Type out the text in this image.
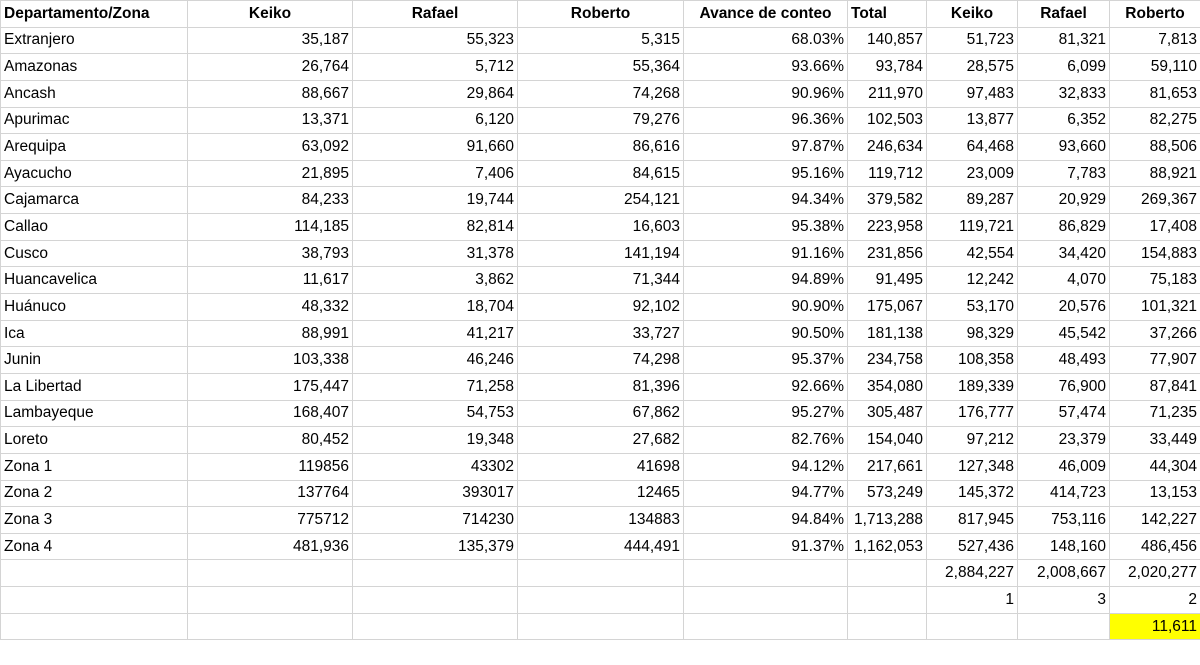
Departamento/Zona	Keiko	Rafael	Roberto	Avance de conteo	Total	Keiko	Rafael	Roberto
Extranjero	35,187	55,323	5,315	68.03%	140,857	51,723	81,321	7,813
Amazonas	26,764	5,712	55,364	93.66%	93,784	28,575	6,099	59,110
Ancash	88,667	29,864	74,268	90.96%	211,970	97,483	32,833	81,653
Apurimac	13,371	6,120	79,276	96.36%	102,503	13,877	6,352	82,275
Arequipa	63,092	91,660	86,616	97.87%	246,634	64,468	93,660	88,506
Ayacucho	21,895	7,406	84,615	95.16%	119,712	23,009	7,783	88,921
Cajamarca	84,233	19,744	254,121	94.34%	379,582	89,287	20,929	269,367
Callao	114,185	82,814	16,603	95.38%	223,958	119,721	86,829	17,408
Cusco	38,793	31,378	141,194	91.16%	231,856	42,554	34,420	154,883
Huancavelica	11,617	3,862	71,344	94.89%	91,495	12,242	4,070	75,183
Huánuco	48,332	18,704	92,102	90.90%	175,067	53,170	20,576	101,321
Ica	88,991	41,217	33,727	90.50%	181,138	98,329	45,542	37,266
Junin	103,338	46,246	74,298	95.37%	234,758	108,358	48,493	77,907
La Libertad	175,447	71,258	81,396	92.66%	354,080	189,339	76,900	87,841
Lambayeque	168,407	54,753	67,862	95.27%	305,487	176,777	57,474	71,235
Loreto	80,452	19,348	27,682	82.76%	154,040	97,212	23,379	33,449
Zona 1	119856	43302	41698	94.12%	217,661	127,348	46,009	44,304
Zona 2	137764	393017	12465	94.77%	573,249	145,372	414,723	13,153
Zona 3	775712	714230	134883	94.84%	1,713,288	817,945	753,116	142,227
Zona 4	481,936	135,379	444,491	91.37%	1,162,053	527,436	148,160	486,456
						2,884,227	2,008,667	2,020,277
						1	3	2
								11,611
